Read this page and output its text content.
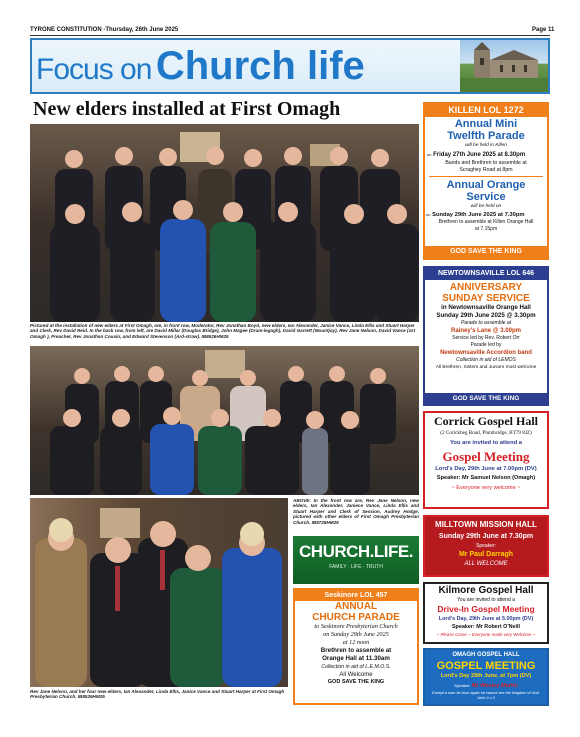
TYRONE CONSTITUTION -Thursday, 26th June 2025	Page 11
Focus on Church life
New elders installed at First Omagh
Pictured at the installation of new elders at First Omagh, are, in front row, Moderator, Rev Jonathan Boyd, new elders, Ian Alexander, Janice Vance, Linda Ellis and Stuart Harper and Clerk, Rev David Reid. In the back row, from left, are David Millar (Douglas Bridge), John Magee (Drum-legagh), David Garrett (Mountjoy), Rev Jane Nelson, David Vance (1st Omagh ), Preacher, Rev Jonathan Cousin, and Edward Stevenson (Ard-straw). IB8626HM25
Rev Jane Nelson, and her four new elders, Ian Alexander, Linda Ellis, Janice Vance and Stuart Harper at First Omagh Presbyterian Church. IB8526HM25
ABOVE: In the front row are, Rev Jane Nelson, new elders, Ian Alexander, Janiece Vance, Linda Ellis and Stuart Harper and Clerk of Session, Audrey Hodge, pictured with other elders of First Omagh Presbyterian Church. IB8728HM25
CHURCH.LIFE.
FAMILY · LIFE · TRUTH
Seskinore LOL 457
ANNUAL
CHURCH PARADE
to Seskinore Presbyterian Church
on Sunday 29th June 2025
at 12 noon
Brethren to assemble at
Orange Hall at 11.30am
Collection in aid of L.E.M.O.S.
All Welcome
GOD SAVE THE KING
KILLEN LOL 1272
Annual Mini
Twelfth Parade
will be held in Killen
on Friday 27th June 2025 at 8.30pm
Bands and Brethren to assemble at
Scraghey Road at 8pm
Annual Orange
Service
will be held on
on Sunday 29th June 2025 at 7.30pm
Brethren to assemble at Killen Orange Hall
at 7.15pm
GOD SAVE THE KING
NEWTOWNSAVILLE LOL 646
ANNIVERSARY
SUNDAY SERVICE
in Newtownsaville Orange Hall
Sunday 29th June 2025 @ 3.30pm
Parade to assemble at
Rainey's Lane @ 3.00pm
Service led by Rev. Robert Orr
Parade led by
Newtownsaville Accordion band
Collection in aid of LEMOS
All Brethren, Sisters and Juniors most welcome
GOD SAVE THE KING
Corrick Gospel Hall
(2 Corickbeg Road, Plumbridge, BT79 8JZ)
You are invited to attend a
Gospel Meeting
Lord's Day, 29th June at 7.00pm (DV)
Speaker: Mr Samuel Nelson (Omagh)
~ Everyone very welcome ~
MILLTOWN MISSION HALL
Sunday 29th June at 7.30pm
Speaker:
Mr Paul Darragh
ALL WELCOME
Kilmore Gospel Hall
You are invited to attend a
Drive-In Gospel Meeting
Lord's Day, 29th June at 5.00pm (DV)
Speaker: Mr Robert O'Neill
~ Please Come ~ Everyone made very Welcome ~
OMAGH GOSPEL HALL
GOSPEL MEETING
Lord's Day 29th June, at 7pm (DV)
Speaker: Mr Wesley Martin
Except a man be born again he cannot see the kingdom of God. John 3 v 3
